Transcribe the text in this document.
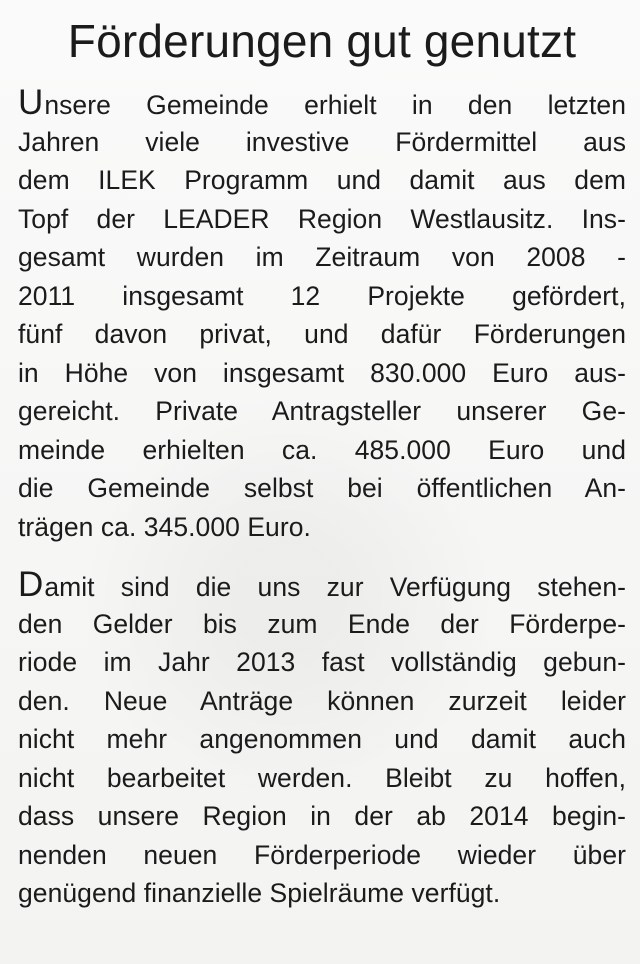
Förderungen gut genutzt

Unsere Gemeinde erhielt in den letzten
Jahren viele investive Fördermittel aus
dem ILEK Programm und damit aus dem
Topf der LEADER Region Westlausitz. Ins-
gesamt wurden im Zeitraum von 2008 -
2011 insgesamt 12 Projekte gefördert,
fünf davon privat, und dafür Förderungen
in Höhe von insgesamt 830.000 Euro aus-
gereicht. Private Antragsteller unserer Ge-
meinde erhielten ca. 485.000 Euro und
die Gemeinde selbst bei öffentlichen An-
trägen ca. 345.000 Euro.

Damit sind die uns zur Verfügung stehen-
den Gelder bis zum Ende der Förderpe-
riode im Jahr 2013 fast vollständig gebun-
den. Neue Anträge können zurzeit leider
nicht mehr angenommen und damit auch
nicht bearbeitet werden. Bleibt zu hoffen,
dass unsere Region in der ab 2014 begin-
nenden neuen Förderperiode wieder über
genügend finanzielle Spielräume verfügt.
